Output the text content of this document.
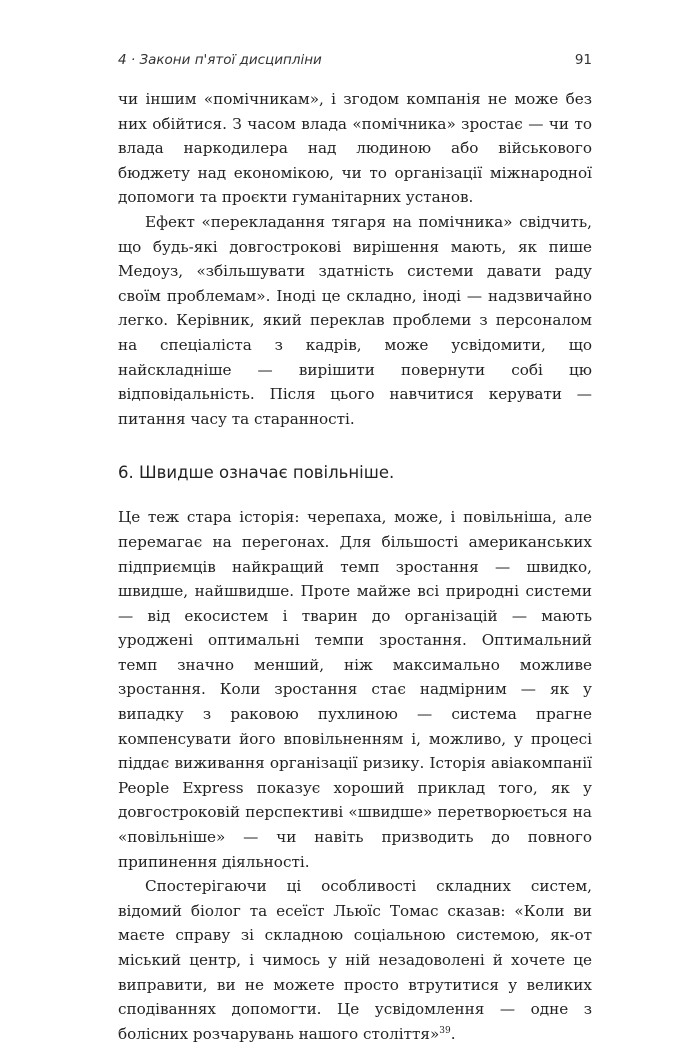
4 · Закони п'ятої дисципліни	91

чи іншим «помічникам», і згодом компанія не може без них обійтися. З часом влада «помічника» зростає — чи то влада наркодилера над людиною або військового бюджету над економікою, чи то організації міжнародної допомоги та проєкти гуманітарних установ.

Ефект «перекладання тягаря на помічника» свідчить, що будь-які довгострокові вирішення мають, як пише Медоуз, «збільшувати здатність системи давати раду своїм проблемам». Іноді це складно, іноді — надзвичайно легко. Керівник, який переклав проблеми з персоналом на спеціаліста з кадрів, може усвідомити, що найскладніше — вирішити повернути собі цю відповідальність. Після цього навчитися керувати — питання часу та старанності.

6. Швидше означає повільніше.

Це теж стара історія: черепаха, може, і повільніша, але перемагає на перегонах. Для більшості американських підприємців найкращий темп зростання — швидко, швидше, найшвидше. Проте майже всі природні системи — від екосистем і тварин до організацій — мають уроджені оптимальні темпи зростання. Оптимальний темп значно менший, ніж максимально можливе зростання. Коли зростання стає надмірним — як у випадку з раковою пухлиною — система прагне компенсувати його вповільненням і, можливо, у процесі піддає виживання організації ризику. Історія авіакомпанії People Express показує хороший приклад того, як у довгостроковій перспективі «швидше» перетворюється на «повільніше» — чи навіть призводить до повного припинення діяльності.

Спостерігаючи ці особливості складних систем, відомий біолог та есеїст Льюїс Томас сказав: «Коли ви маєте справу зі складною соціальною системою, як-от міський центр, і чимось у ній незадоволені й хочете це виправити, ви не можете просто втрутитися у великих сподіваннях допомогти. Це усвідомлення — одне з болісних розчарувань нашого століття»$^{39}$.
